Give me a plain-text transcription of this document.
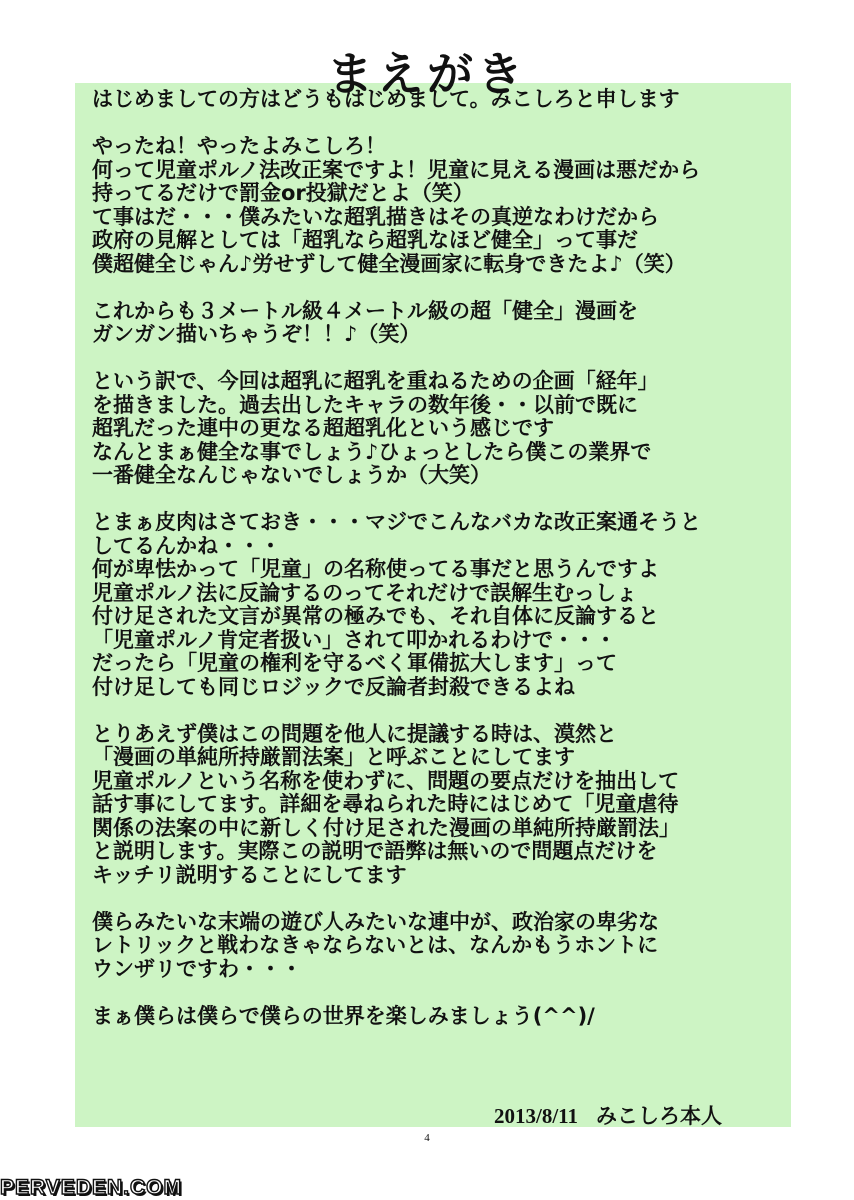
まえがき
はじめましての方はどうもはじめまして。みこしろと申します
やったね！やったよみこしろ！
何って児童ポルノ法改正案ですよ！児童に見える漫画は悪だから
持ってるだけで罰金or投獄だとよ（笑）
て事はだ・・・僕みたいな超乳描きはその真逆なわけだから
政府の見解としては「超乳なら超乳なほど健全」って事だ
僕超健全じゃん♪労せずして健全漫画家に転身できたよ♪（笑）
これからも３メートル級４メートル級の超「健全」漫画を
ガンガン描いちゃうぞ！！♪（笑）
という訳で、今回は超乳に超乳を重ねるための企画「経年」
を描きました。過去出したキャラの数年後・・以前で既に
超乳だった連中の更なる超超乳化という感じです
なんとまぁ健全な事でしょう♪ひょっとしたら僕この業界で
一番健全なんじゃないでしょうか（大笑）
とまぁ皮肉はさておき・・・マジでこんなバカな改正案通そうと
してるんかね・・・
何が卑怯かって「児童」の名称使ってる事だと思うんですよ
児童ポルノ法に反論するのってそれだけで誤解生むっしょ
付け足された文言が異常の極みでも、それ自体に反論すると
「児童ポルノ肯定者扱い」されて叩かれるわけで・・・
だったら「児童の権利を守るべく軍備拡大します」って
付け足しても同じロジックで反論者封殺できるよね
とりあえず僕はこの問題を他人に提議する時は、漠然と
「漫画の単純所持厳罰法案」と呼ぶことにしてます
児童ポルノという名称を使わずに、問題の要点だけを抽出して
話す事にしてます。詳細を尋ねられた時にはじめて「児童虐待
関係の法案の中に新しく付け足された漫画の単純所持厳罰法」
と説明します。実際この説明で語弊は無いので問題点だけを
キッチリ説明することにしてます
僕らみたいな末端の遊び人みたいな連中が、政治家の卑劣な
レトリックと戦わなきゃならないとは、なんかもうホントに
ウンザリですわ・・・
まぁ僕らは僕らで僕らの世界を楽しみましょう(^^)/
2013/8/11 みこしろ本人
4
PERVEDEN.COM
